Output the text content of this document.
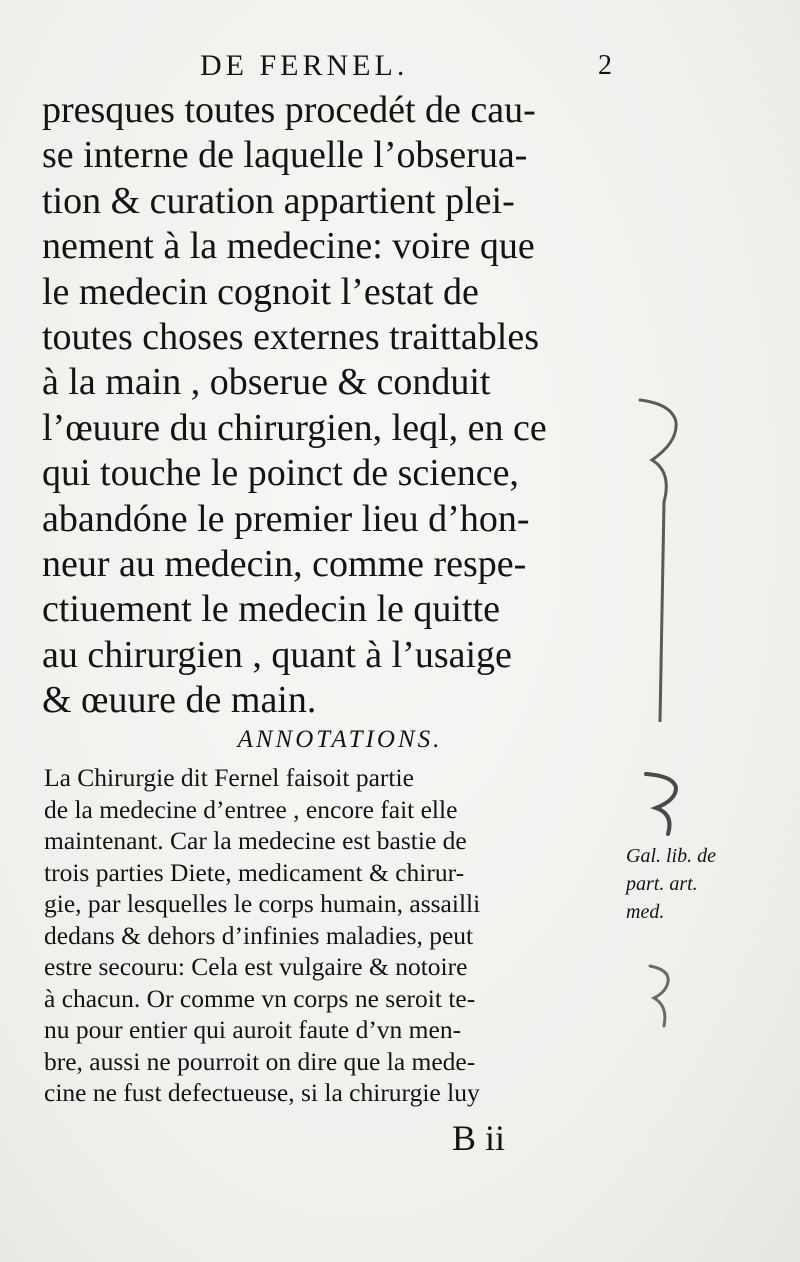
DE FERNEL.	2
presques toutes procedét de cau-
se interne de laquelle l’obseruа-
tion & curation appartient plei-
nement à la medecine: voire que
le medecin cognoit l’estat de
toutes choses externes traittables
à la main , obserue & conduit
l’œuure du chirurgien, leql, en ce
qui touche le poinct de science,
abandóne le premier lieu d’hon-
neur au medecin, comme respe-
ctiuement le medecin le quitte
au chirurgien , quant à l’usaige
& œuure de main.
ANNOTATIONS.
La Chirurgie dit Fernel faisoit partie
de la medecine d’entree , encore fait elle
maintenant. Car la medecine est bastie de
trois parties Diete, medicament & chirur-
gie, par lesquelles le corps humain, assailli
dedans & dehors d’infinies maladies, peut
estre secouru: Cela est vulgaire & notoire
à chacun. Or comme vn corps ne seroit te-
nu pour entier qui auroit faute d’vn men-
bre, aussi ne pourroit on dire que la mede-
cine ne fust defectueuse, si la chirurgie luy
Gal. lib. de
part. art.
med.
B ii
